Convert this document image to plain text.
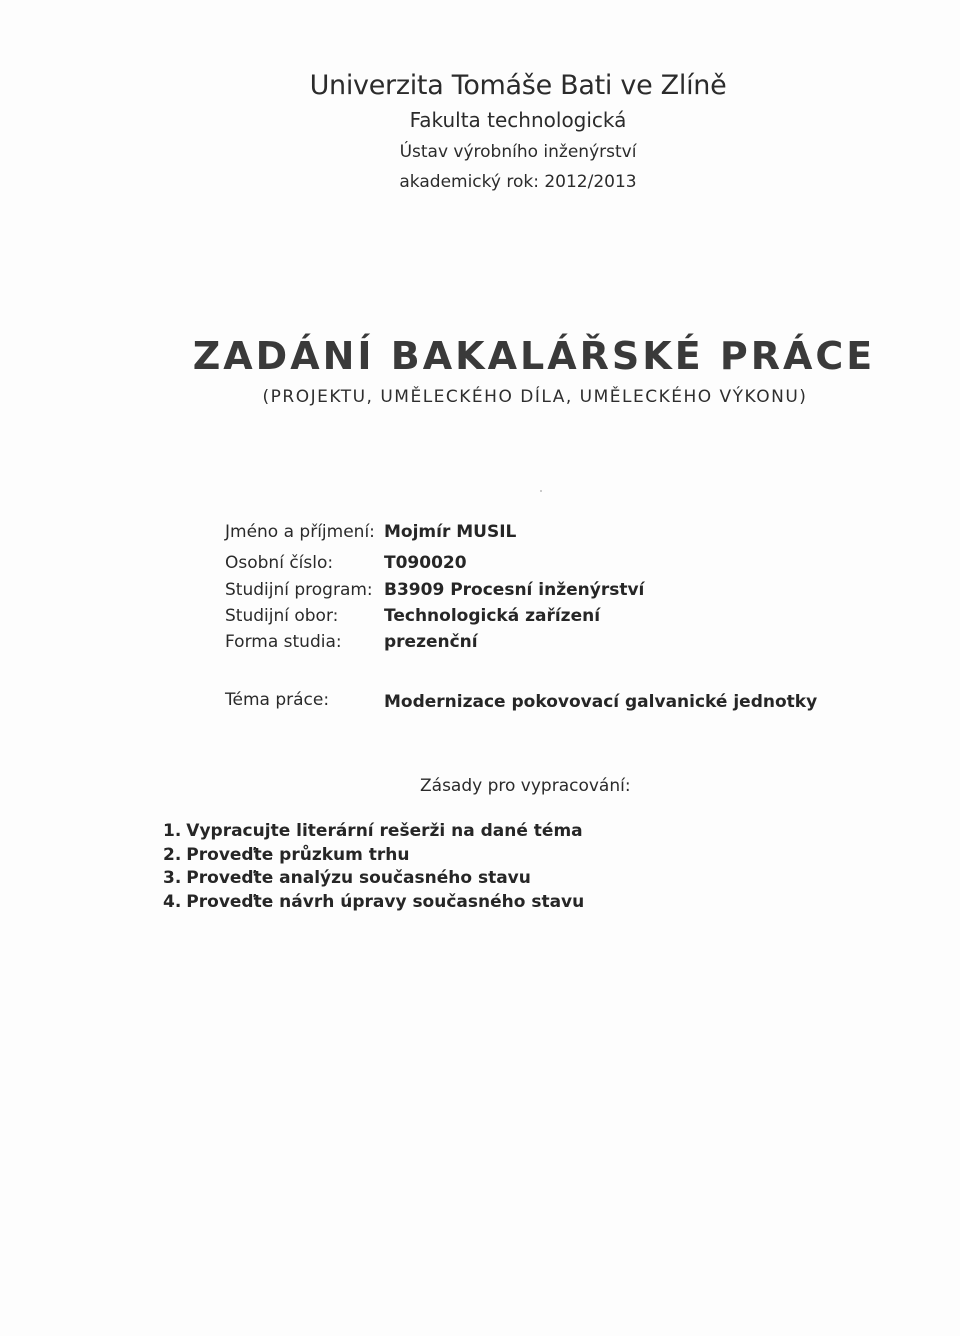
Univerzita Tomáše Bati ve Zlíně
Fakulta technologická
Ústav výrobního inženýrství
akademický rok: 2012/2013
ZADÁNÍ BAKALÁŘSKÉ PRÁCE
(PROJEKTU, UMĚLECKÉHO DÍLA, UMĚLECKÉHO VÝKONU)
Jméno a příjmení: Mojmír MUSIL
Osobní číslo:	T090020
Studijní program: B3909 Procesní inženýrství
Studijní obor:	Technologická zařízení
Forma studia: prezenční
Téma práce:	Modernizace pokovovací galvanické jednotky
Zásady pro vypracování:
1. Vypracujte literární rešerži na dané téma
2. Proveďte průzkum trhu
3. Proveďte analýzu současného stavu
4. Proveďte návrh úpravy současného stavu
